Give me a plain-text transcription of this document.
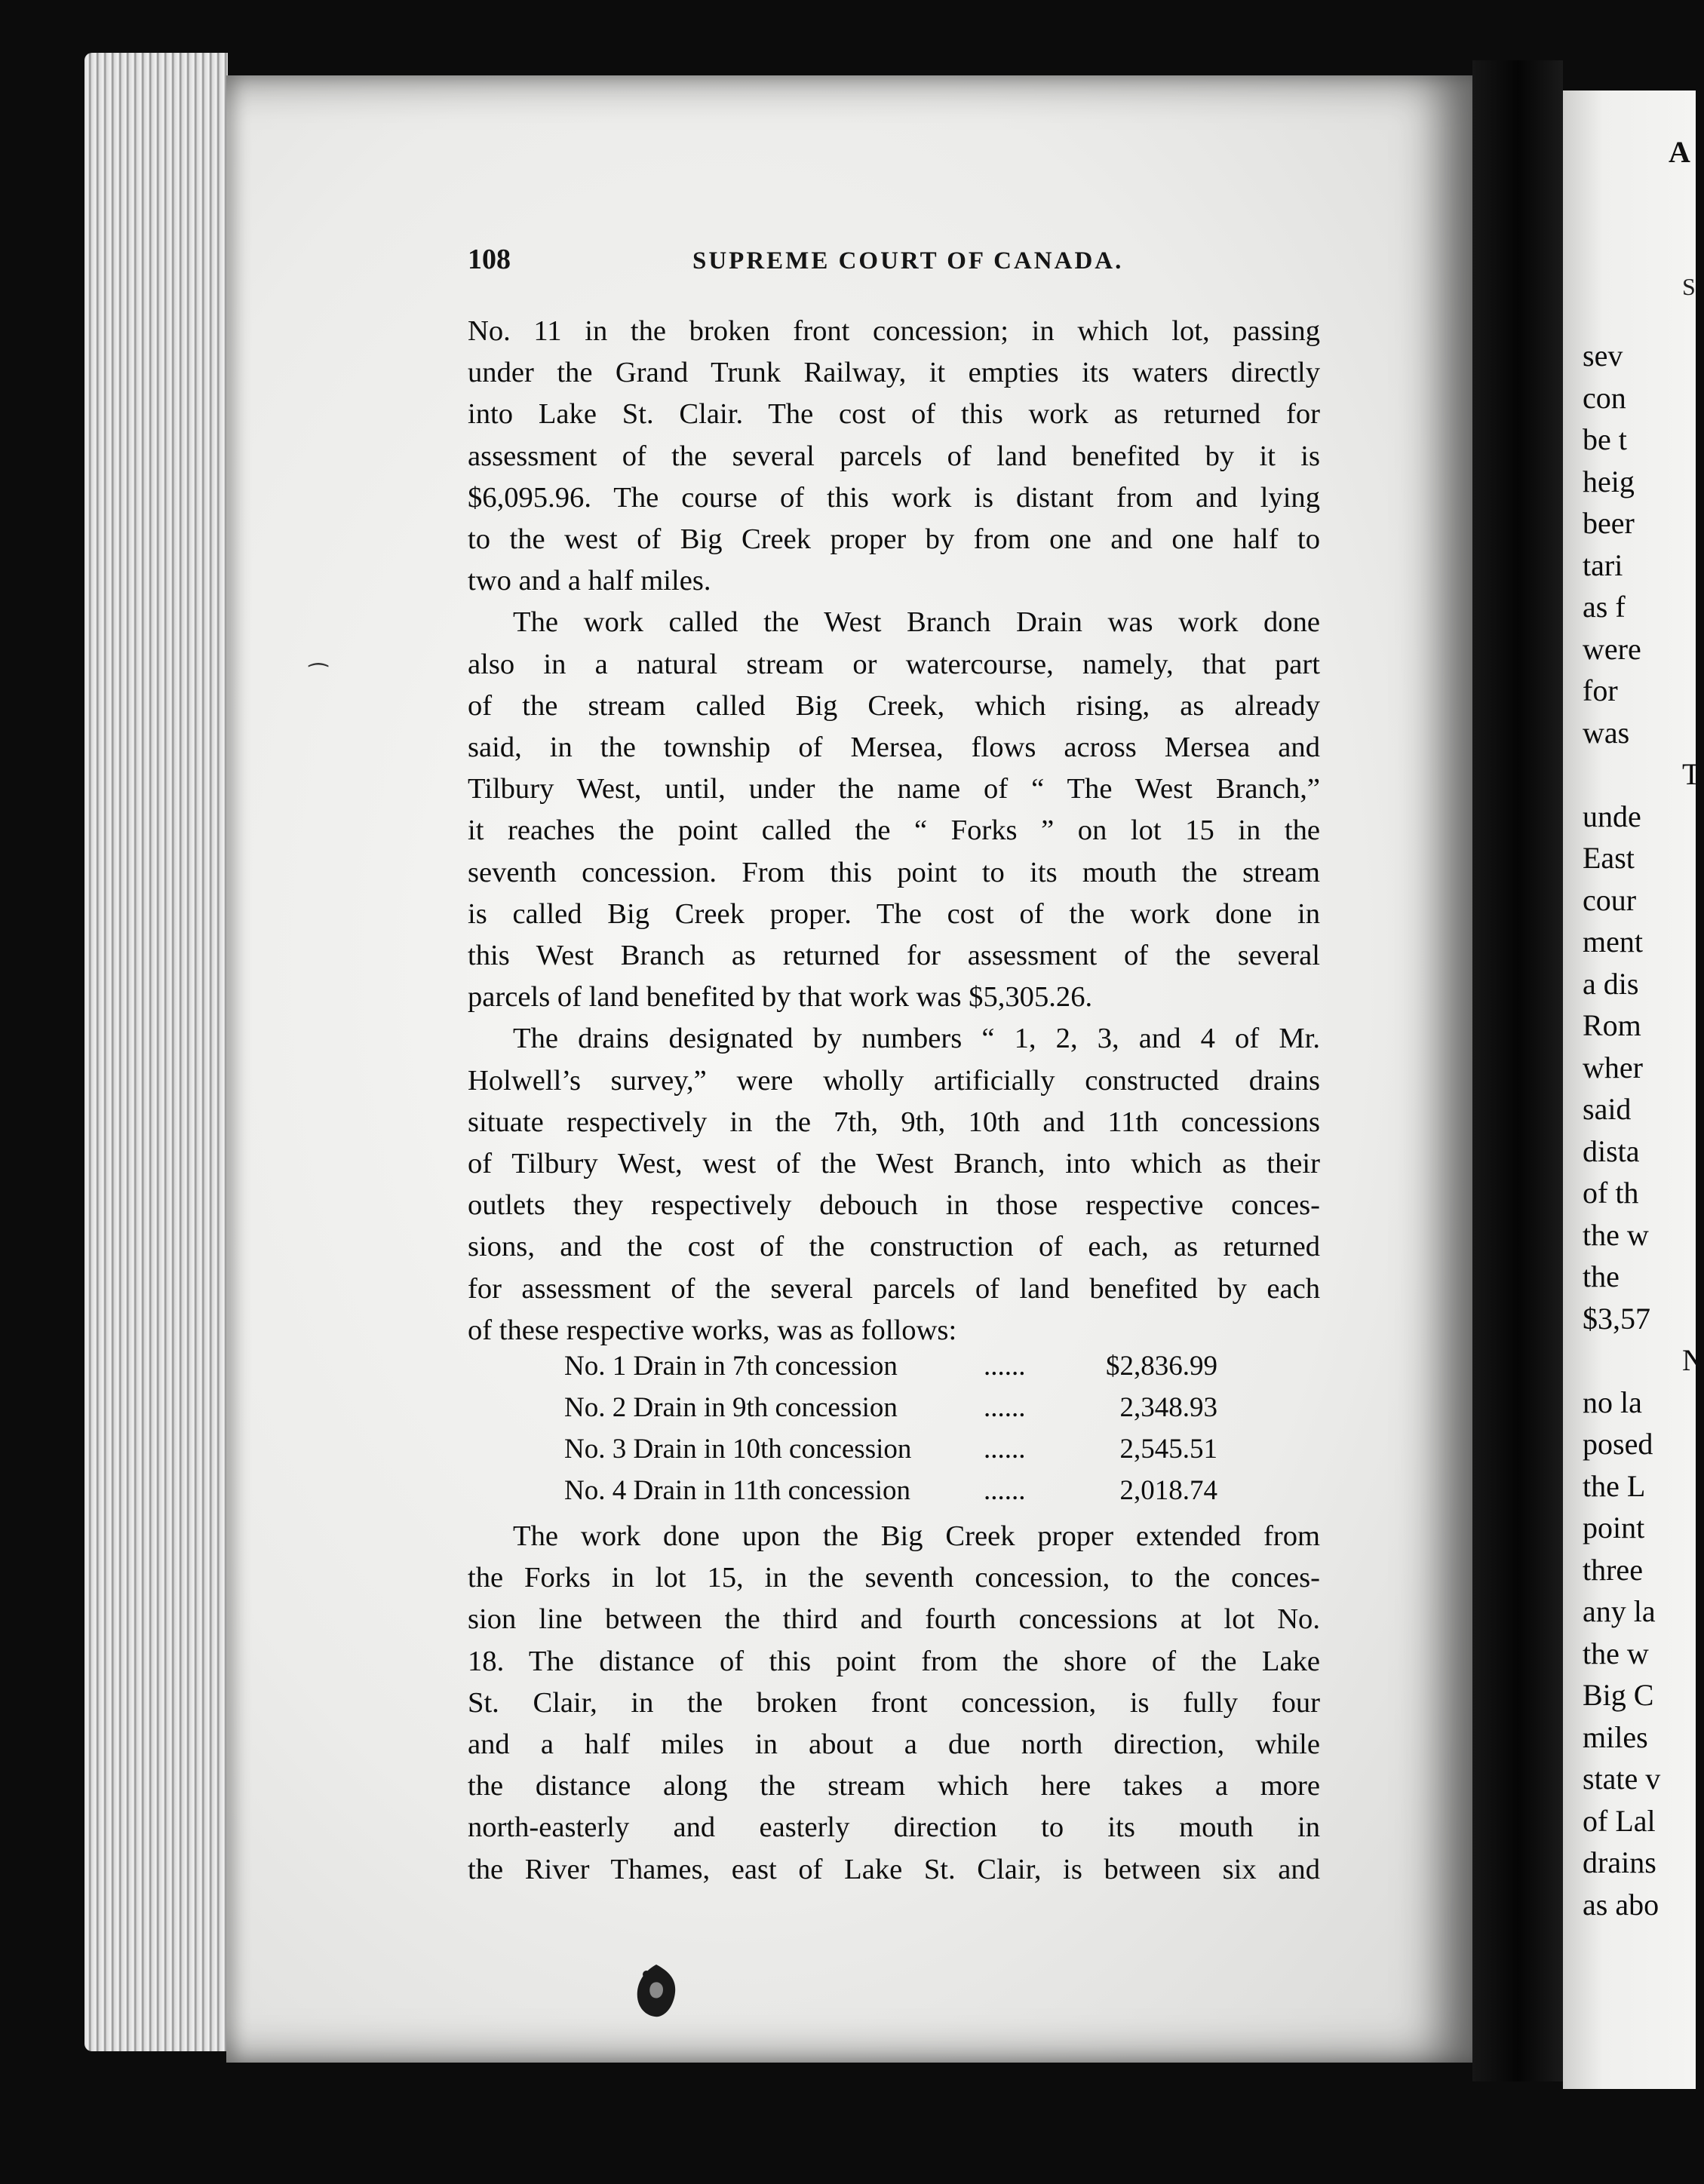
108	SUPREME COURT OF CANADA.
No. 11 in the broken front concession; in which lot, passing
under the Grand Trunk Railway, it empties its waters directly
into Lake St. Clair. The cost of this work as returned for
assessment of the several parcels of land benefited by it is
$6,095.96. The course of this work is distant from and lying
to the west of Big Creek proper by from one and one half to
two and a half miles.
The work called the West Branch Drain was work done
also in a natural stream or watercourse, namely, that part
of the stream called Big Creek, which rising, as already
said, in the township of Mersea, flows across Mersea and
Tilbury West, until, under the name of “ The West Branch,”
it reaches the point called the “ Forks ” on lot 15 in the
seventh concession. From this point to its mouth the stream
is called Big Creek proper. The cost of the work done in
this West Branch as returned for assessment of the several
parcels of land benefited by that work was $5,305.26.
The drains designated by numbers “ 1, 2, 3, and 4 of Mr.
Holwell’s survey,” were wholly artificially constructed drains
situate respectively in the 7th, 9th, 10th and 11th concessions
of Tilbury West, west of the West Branch, into which as their
outlets they respectively debouch in those respective conces-
sions, and the cost of the construction of each, as returned
for assessment of the several parcels of land benefited by each
of these respective works, was as follows:
No. 1 Drain in 7th concession	......	$2,836.99
No. 2 Drain in 9th concession	......	2,348.93
No. 3 Drain in 10th concession	......	2,545.51
No. 4 Drain in 11th concession	......	2,018.74
The work done upon the Big Creek proper extended from
the Forks in lot 15, in the seventh concession, to the conces-
sion line between the third and fourth concessions at lot No.
18. The distance of this point from the shore of the Lake
St. Clair, in the broken front concession, is fully four
and a half miles in about a due north direction, while
the distance along the stream which here takes a more
north-easterly and easterly direction to its mouth in
the River Thames, east of Lake St. Clair, is between six and
A
S
sev
con
be t
heig
beer
tari
as f
were
for
was
T
unde
East
cour
ment
a dis
Rom
wher
said
dista
of th
the w
the
$3,57
N
no la
posed
the L
point
three
any la
the w
Big C
miles
state v
of Lal
drains
as abo
⁀
